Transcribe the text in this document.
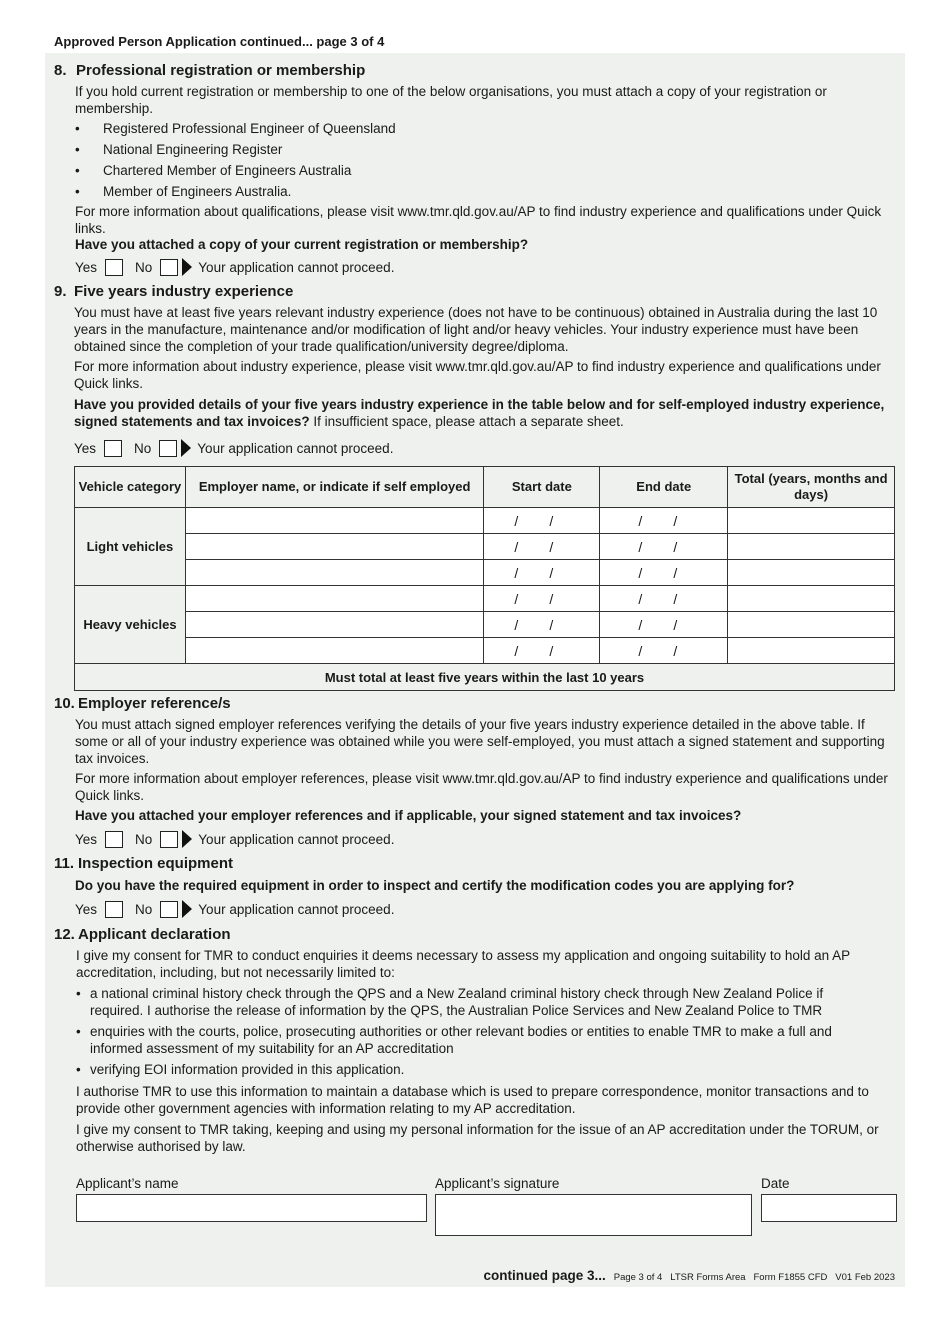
Approved Person Application continued... page 3 of 4
8. Professional registration or membership
If you hold current registration or membership to one of the below organisations, you must attach a copy of your registration or membership.
• Registered Professional Engineer of Queensland
• National Engineering Register
• Chartered Member of Engineers Australia
• Member of Engineers Australia.
For more information about qualifications, please visit www.tmr.qld.gov.au/AP to find industry experience and qualifications under Quick links.
Have you attached a copy of your current registration or membership?
Yes	No	Your application cannot proceed.
9. Five years industry experience
You must have at least five years relevant industry experience (does not have to be continuous) obtained in Australia during the last 10 years in the manufacture, maintenance and/or modification of light and/or heavy vehicles. Your industry experience must have been obtained since the completion of your trade qualification/university degree/diploma.
For more information about industry experience, please visit www.tmr.qld.gov.au/AP to find industry experience and qualifications under Quick links.
Have you provided details of your five years industry experience in the table below and for self-employed industry experience, signed statements and tax invoices? If insufficient space, please attach a separate sheet.
Yes	No	Your application cannot proceed.
Vehicle category	Employer name, or indicate if self employed	Start date	End date	Total (years, months and days)
Light vehicles		/        /	/        /	
		/        /	/        /	
		/        /	/        /	
Heavy vehicles		/        /	/        /	
		/        /	/        /	
		/        /	/        /	
Must total at least five years within the last 10 years				
10. Employer reference/s
You must attach signed employer references verifying the details of your five years industry experience detailed in the above table. If some or all of your industry experience was obtained while you were self-employed, you must attach a signed statement and supporting tax invoices.
For more information about employer references, please visit www.tmr.qld.gov.au/AP to find industry experience and qualifications under Quick links.
Have you attached your employer references and if applicable, your signed statement and tax invoices?
Yes	No	Your application cannot proceed.
11. Inspection equipment
Do you have the required equipment in order to inspect and certify the modification codes you are applying for?
Yes	No	Your application cannot proceed.
12. Applicant declaration
I give my consent for TMR to conduct enquiries it deems necessary to assess my application and ongoing suitability to hold an AP accreditation, including, but not necessarily limited to:
• a national criminal history check through the QPS and a New Zealand criminal history check through New Zealand Police if required. I authorise the release of information by the QPS, the Australian Police Services and New Zealand Police to TMR
• enquiries with the courts, police, prosecuting authorities or other relevant bodies or entities to enable TMR to make a full and informed assessment of my suitability for an AP accreditation
• verifying EOI information provided in this application.
I authorise TMR to use this information to maintain a database which is used to prepare correspondence, monitor transactions and to provide other government agencies with information relating to my AP accreditation.
I give my consent to TMR taking, keeping and using my personal information for the issue of an AP accreditation under the TORUM, or otherwise authorised by law.
Applicant’s name	Applicant’s signature	Date
continued page 3... Page 3 of 4   LTSR Forms Area   Form F1855 CFD   V01 Feb 2023
